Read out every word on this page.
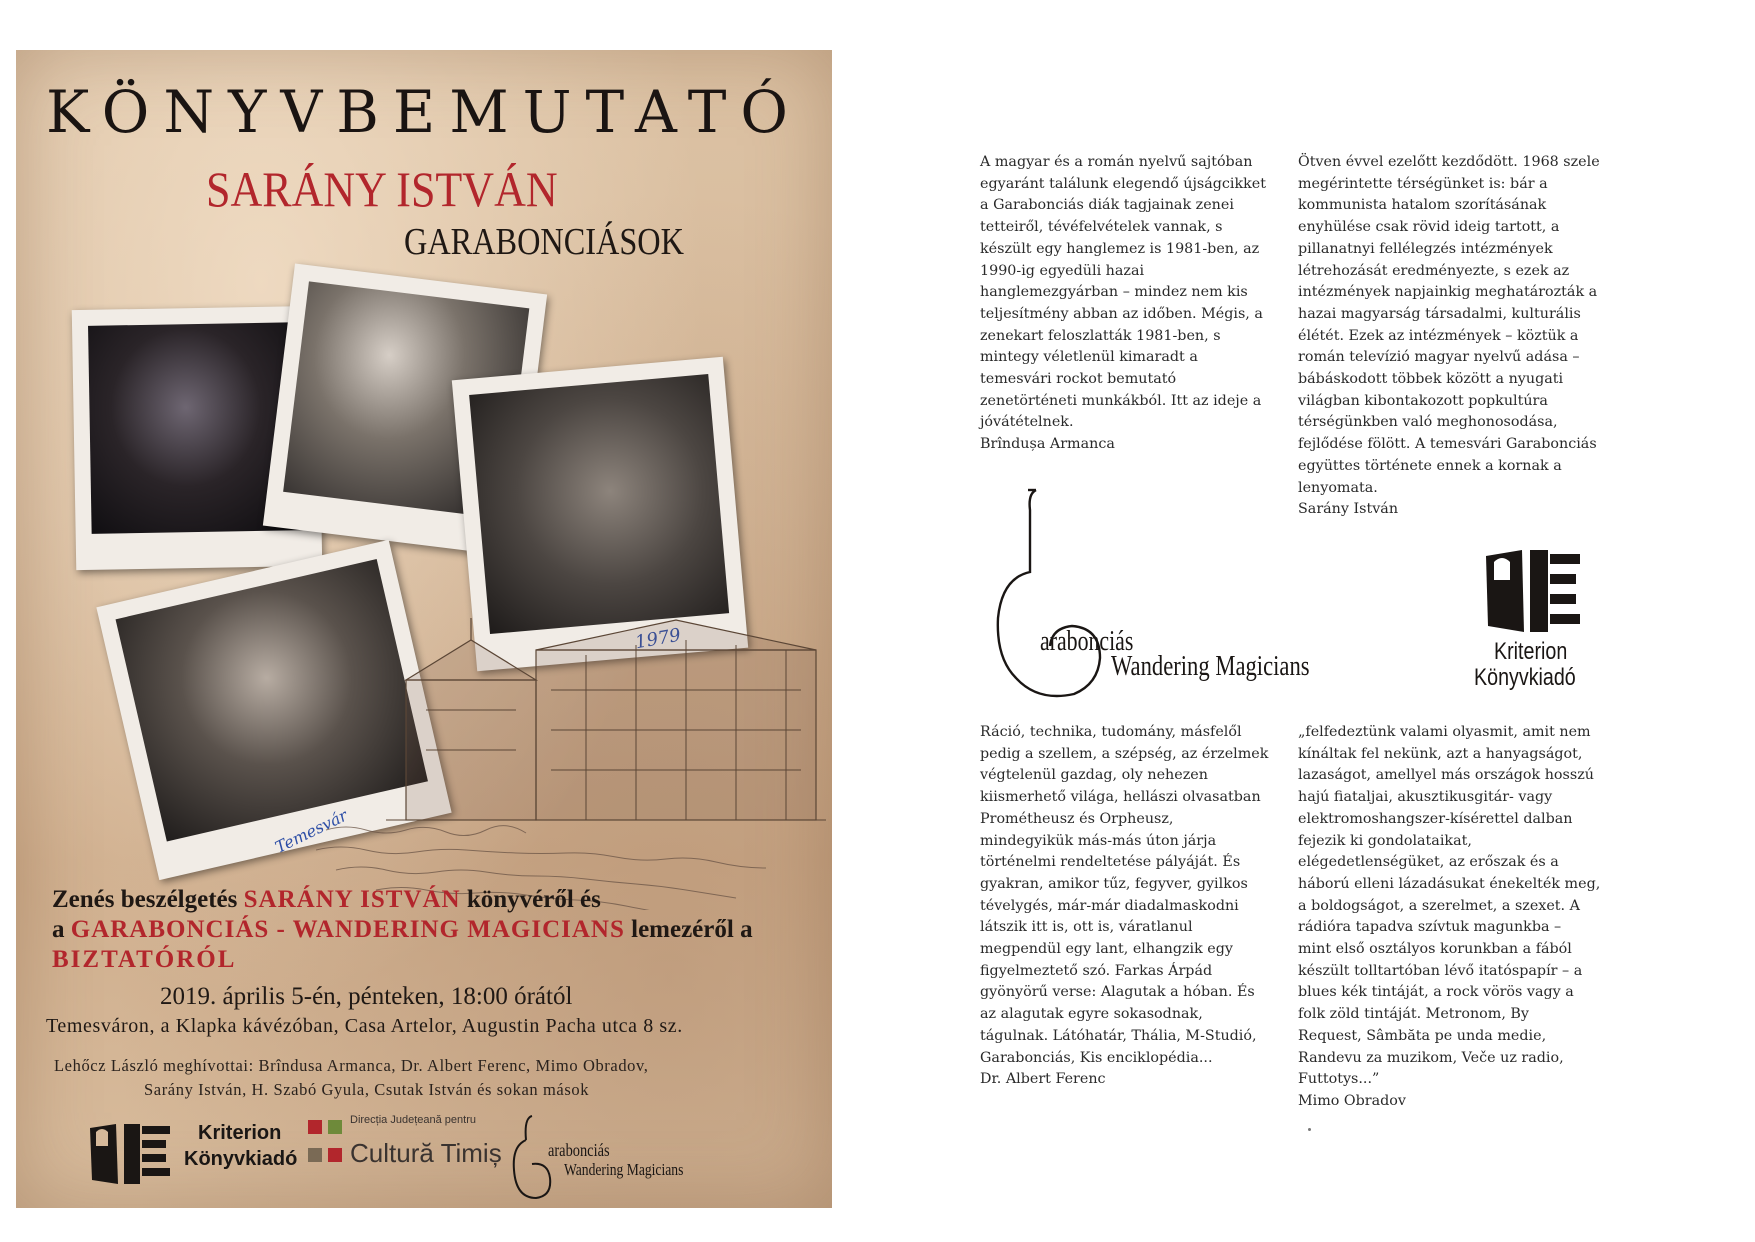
KÖNYVBEMUTATÓ
SARÁNY ISTVÁN
GARABONCIÁSOK
Temesvár
Zenés beszélgetés SARÁNY ISTVÁN könyvéről és
a GARABONCIÁS - WANDERING MAGICIANS lemezéről a
BIZTATÓRÓL
2019. április 5-én, pénteken, 18:00 órától
Temesváron, a Klapka kávézóban, Casa Artelor, Augustin Pacha utca 8 sz.
Lehőcz László meghívottai: Brîndusa Armanca, Dr. Albert Ferenc, Mimo Obradov,
Sarány István, H. Szabó Gyula, Csutak István és sokan mások
Kriterion
Könyvkiadó
Direcția Județeană pentru
Cultură Timiș	arabonciás
Wandering Magicians

A magyar és a román nyelvű sajtóban
egyaránt találunk elegendő újságcikket
a Garabonciás diák tagjainak zenei
tetteiről, tévéfelvételek vannak, s
készült egy hanglemez is 1981-ben, az
1990-ig egyedüli hazai
hanglemezgyárban – mindez nem kis
teljesítmény abban az időben. Mégis, a
zenekart feloszlatták 1981-ben, s
mintegy véletlenül kimaradt a
temesvári rockot bemutató
zenetörténeti munkákból. Itt az ideje a
jóvátételnek.
Brîndușa Armanca

Ötven évvel ezelőtt kezdődött. 1968 szele
megérintette térségünket is: bár a
kommunista hatalom szorításának
enyhülése csak rövid ideig tartott, a
pillanatnyi fellélegzés intézmények
létrehozását eredményezte, s ezek az
intézmények napjainkig meghatározták a
hazai magyarság társadalmi, kulturális
élétét. Ezek az intézmények – köztük a
román televízió magyar nyelvű adása –
bábáskodott többek között a nyugati
világban kibontakozott popkultúra
térségünkben való meghonosodása,
fejlődése fölött. A temesvári Garabonciás
együttes története ennek a kornak a
lenyomata.
Sarány István

arabonciás
Wandering Magicians	Kriterion
Könyvkiadó

Ráció, technika, tudomány, másfelől
pedig a szellem, a szépség, az érzelmek
végtelenül gazdag, oly nehezen
kiismerhető világa, hellászi olvasatban
Prométheusz és Orpheusz,
mindegyikük más-más úton járja
történelmi rendeltetése pályáját. És
gyakran, amikor tűz, fegyver, gyilkos
tévelygés, már-már diadalmaskodni
látszik itt is, ott is, váratlanul
megpendül egy lant, elhangzik egy
figyelmeztető szó. Farkas Árpád
gyönyörű verse: Alagutak a hóban. És
az alagutak egyre sokasodnak,
tágulnak. Látóhatár, Thália, M-Studió,
Garabonciás, Kis enciklopédia...
Dr. Albert Ferenc

„felfedeztünk valami olyasmit, amit nem
kínáltak fel nekünk, azt a hanyagságot,
lazaságot, amellyel más országok hosszú
hajú fiataljai, akusztikusgitár- vagy
elektromoshangszer-kísérettel dalban
fejezik ki gondolataikat,
elégedetlenségüket, az erőszak és a
háború elleni lázadásukat énekelték meg,
a boldogságot, a szerelmet, a szexet. A
rádióra tapadva szívtuk magunkba –
mint első osztályos korunkban a fából
készült tolltartóban lévő itatóspapír – a
blues kék tintáját, a rock vörös vagy a
folk zöld tintáját. Metronom, By
Request, Sâmbăta pe unda medie,
Randevu za muzikom, Veče uz radio,
Futtotys...”
Mimo Obradov
